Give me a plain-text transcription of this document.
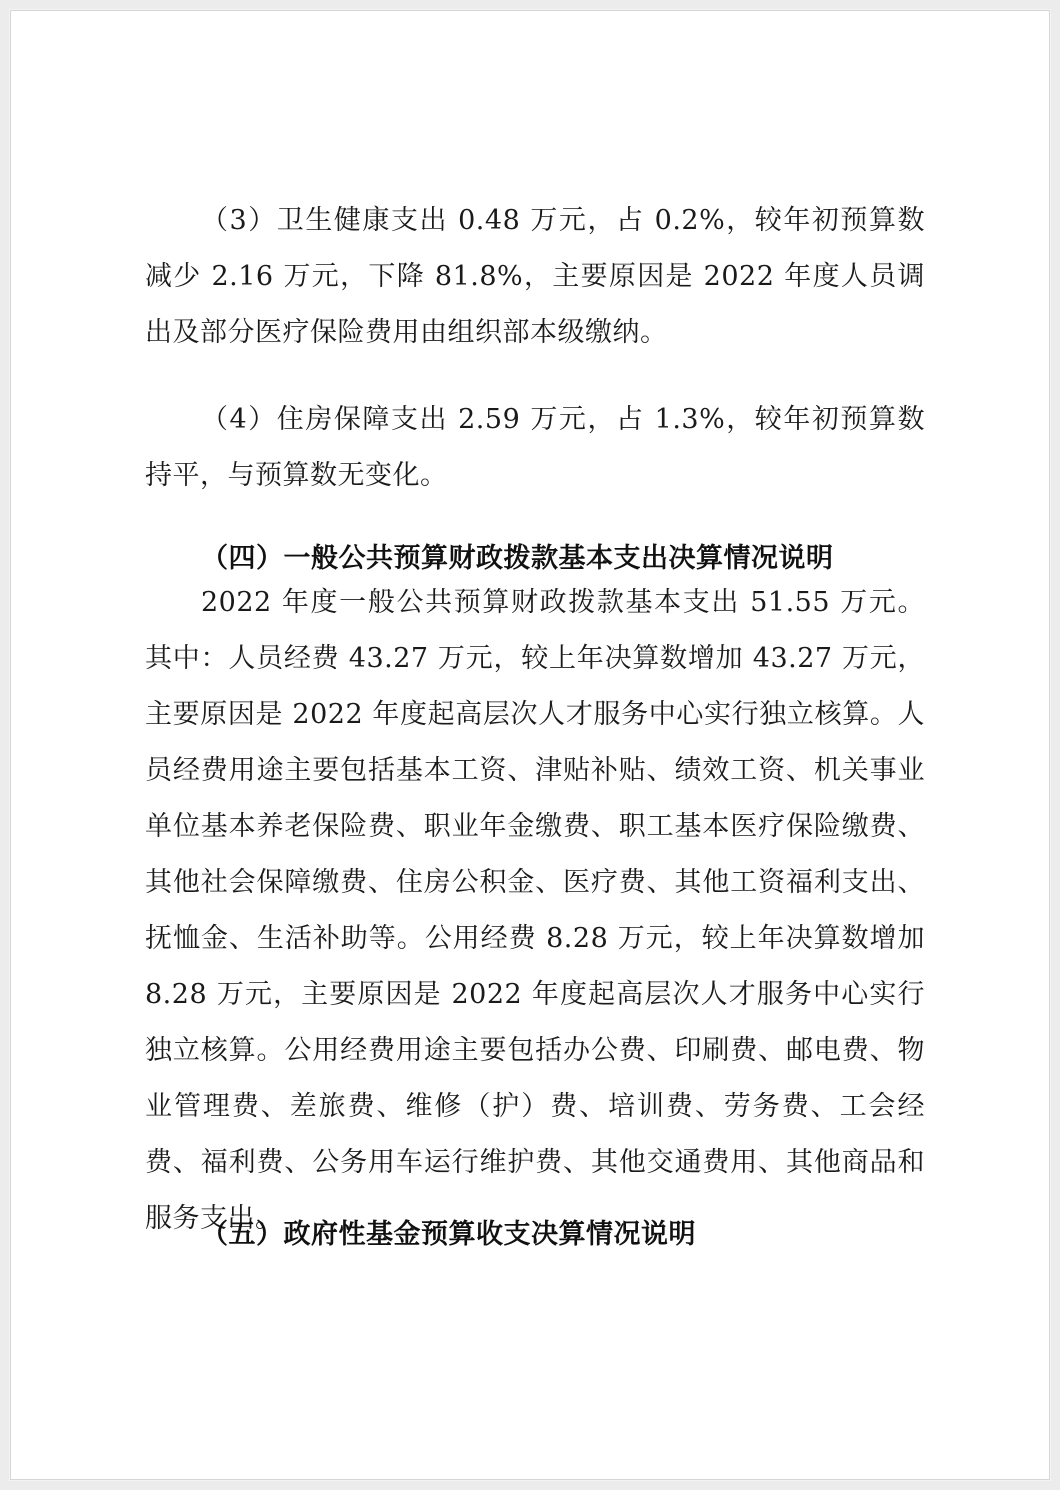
（3）卫生健康支出 0.48 万元，占 0.2%，较年初预算数减少 2.16 万元，下降 81.8%，主要原因是 2022 年度人员调出及部分医疗保险费用由组织部本级缴纳。

（4）住房保障支出 2.59 万元，占 1.3%，较年初预算数持平，与预算数无变化。

（四）一般公共预算财政拨款基本支出决算情况说明

2022 年度一般公共预算财政拨款基本支出 51.55 万元。其中：人员经费 43.27 万元，较上年决算数增加 43.27 万元，主要原因是 2022 年度起高层次人才服务中心实行独立核算。人员经费用途主要包括基本工资、津贴补贴、绩效工资、机关事业单位基本养老保险费、职业年金缴费、职工基本医疗保险缴费、其他社会保障缴费、住房公积金、医疗费、其他工资福利支出、抚恤金、生活补助等。公用经费 8.28 万元，较上年决算数增加 8.28 万元，主要原因是 2022 年度起高层次人才服务中心实行独立核算。公用经费用途主要包括办公费、印刷费、邮电费、物业管理费、差旅费、维修（护）费、培训费、劳务费、工会经费、福利费、公务用车运行维护费、其他交通费用、其他商品和服务支出。

（五）政府性基金预算收支决算情况说明
